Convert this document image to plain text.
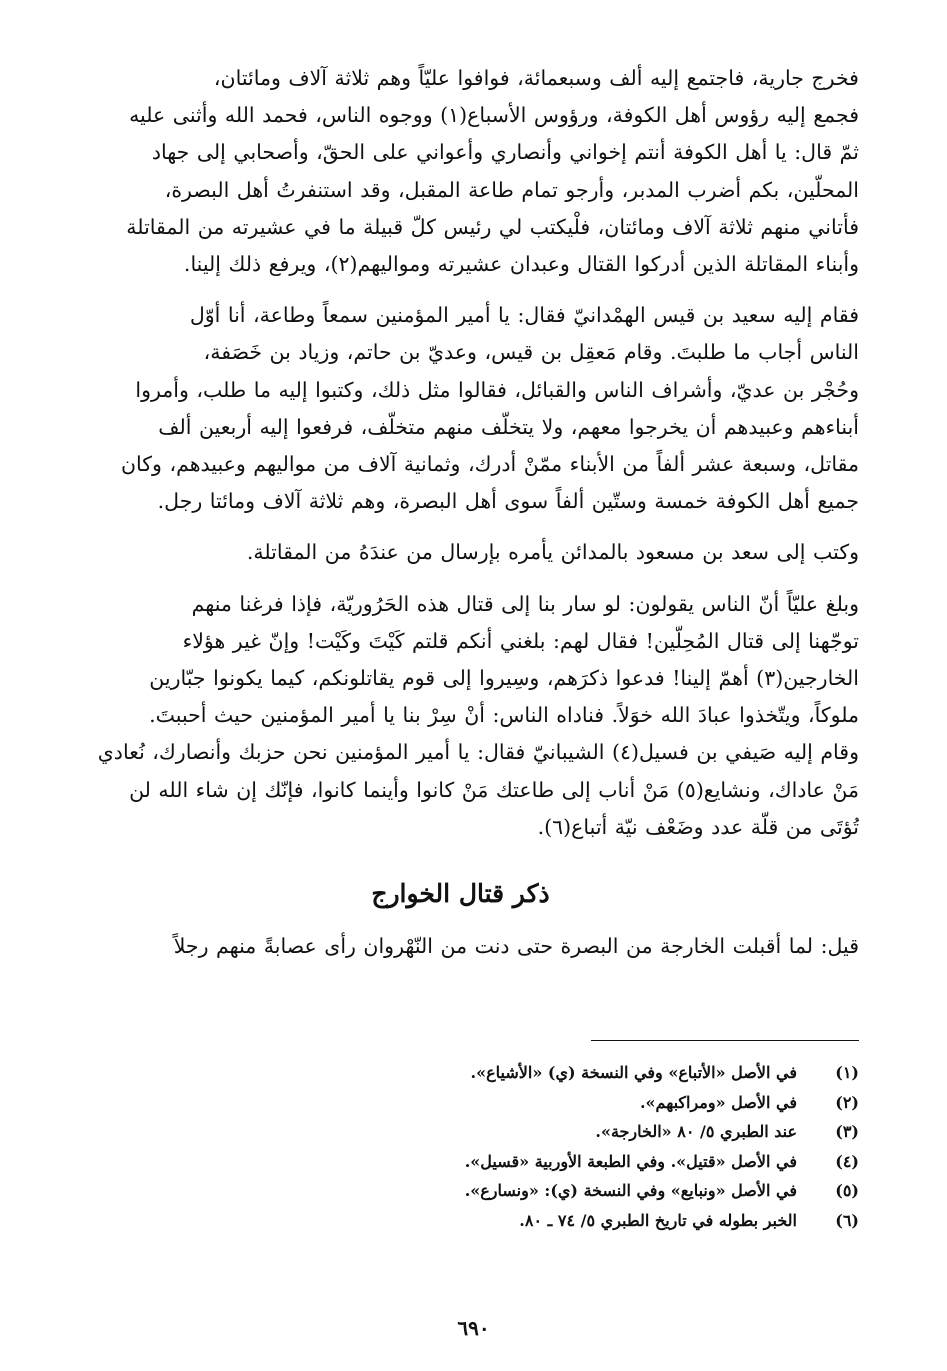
فخرج جارية، فاجتمع إليه ألف وسبعمائة، فوافوا عليّاً وهم ثلاثة آلاف ومائتان،
فجمع إليه رؤوس أهل الكوفة، ورؤوس الأسباع(١) ووجوه الناس، فحمد الله وأثنى عليه
ثمّ قال: يا أهل الكوفة أنتم إخواني وأنصاري وأعواني على الحقّ، وأصحابي إلى جهاد
المحلّين، بكم أضرب المدبر، وأرجو تمام طاعة المقبل، وقد استنفرتُ أهل البصرة،
فأتاني منهم ثلاثة آلاف ومائتان، فلْيكتب لي رئيس كلّ قبيلة ما في عشيرته من المقاتلة
وأبناء المقاتلة الذين أدركوا القتال وعبدان عشيرته ومواليهم(٢)، ويرفع ذلك إلينا.

فقام إليه سعيد بن قيس الهمْدانيّ فقال: يا أمير المؤمنين سمعاً وطاعة، أنا أوّل
الناس أجاب ما طلبتَ. وقام مَعقِل بن قيس، وعديّ بن حاتم، وزياد بن خَصَفة،
وحُجْر بن عديّ، وأشراف الناس والقبائل، فقالوا مثل ذلك، وكتبوا إليه ما طلب، وأمروا
أبناءهم وعبيدهم أن يخرجوا معهم، ولا يتخلّف منهم متخلّف، فرفعوا إليه أربعين ألف
مقاتل، وسبعة عشر ألفاً من الأبناء ممّنْ أدرك، وثمانية آلاف من مواليهم وعبيدهم، وكان
جميع أهل الكوفة خمسة وستّين ألفاً سوى أهل البصرة، وهم ثلاثة آلاف ومائتا رجل.

وكتب إلى سعد بن مسعود بالمدائن يأمره بإرسال من عندَهُ من المقاتلة.

وبلغ عليّاً أنّ الناس يقولون: لو سار بنا إلى قتال هذه الحَرُوريّة، فإذا فرغنا منهم
توجّهنا إلى قتال المُحِلّين! فقال لهم: بلغني أنكم قلتم كَيْتَ وكَيْت! وإنّ غير هؤلاء
الخارجين(٣) أهمّ إلينا! فدعوا ذكرَهم، وسِيروا إلى قوم يقاتلونكم، كيما يكونوا جبّارين
ملوكاً، ويتّخذوا عبادَ الله خوَلاً. فناداه الناس: أنْ سِرْ بنا يا أمير المؤمنين حيث أحببتَ.
وقام إليه صَيفي بن فسيل(٤) الشيبانيّ فقال: يا أمير المؤمنين نحن حزبك وأنصارك، نُعادي
مَنْ عاداك، ونشايع(٥) مَنْ أناب إلى طاعتك مَنْ كانوا وأينما كانوا، فإنّك إن شاء الله لن
تُؤتَى من قلّة عدد وضَعْف نيّة أتباع(٦).

ذكر قتال الخوارج

قيل: لما أقبلت الخارجة من البصرة حتى دنت من النّهْروان رأى عصابةً منهم رجلاً

(١)
في الأصل «الأتباع» وفي النسخة (ي) «الأشياع».
(٢)
في الأصل «ومراكبهم».
(٣)
عند الطبري ٥/ ٨٠ «الخارجة».
(٤)
في الأصل «قتيل». وفي الطبعة الأوربية «قسيل».
(٥)
في الأصل «ونبايع» وفي النسخة (ي): «ونسارع».
(٦)
الخبر بطوله في تاريخ الطبري ٥/ ٧٤ ـ ٨٠.
٦٩٠
